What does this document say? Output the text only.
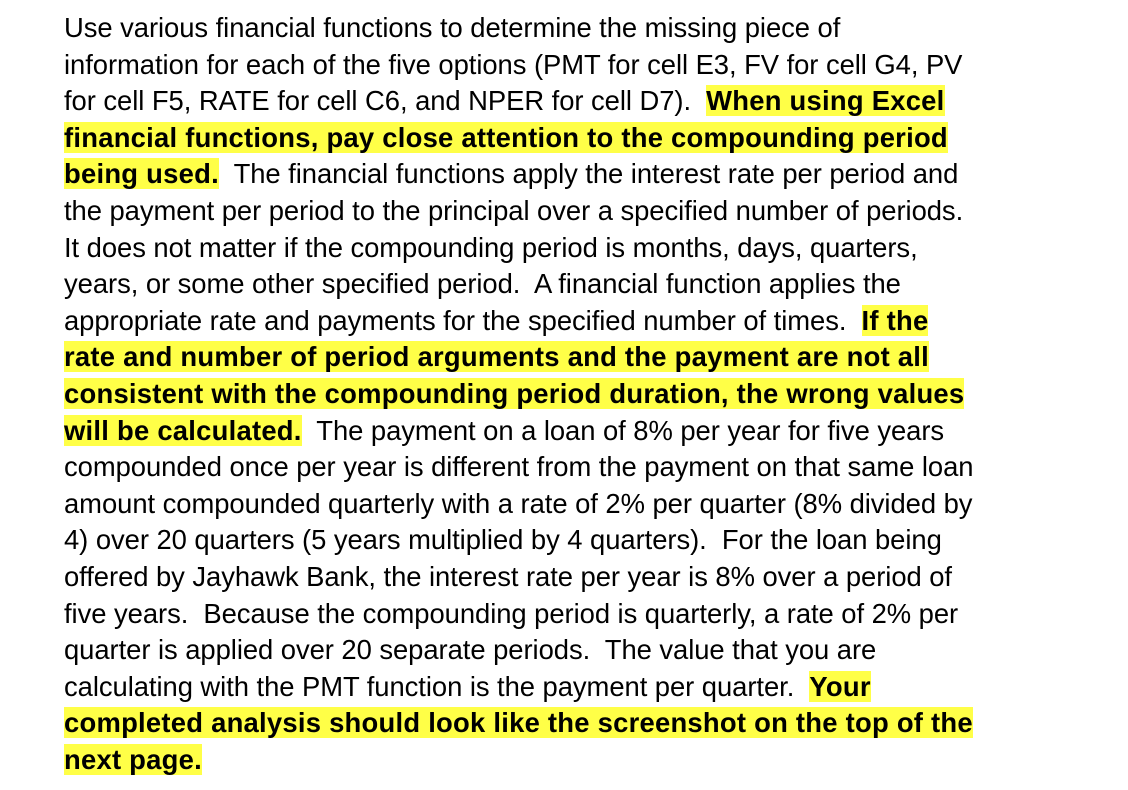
Use various financial functions to determine the missing piece of
information for each of the five options (PMT for cell E3, FV for cell G4, PV
for cell F5, RATE for cell C6, and NPER for cell D7).  When using Excel
financial functions, pay close attention to the compounding period
being used.  The financial functions apply the interest rate per period and
the payment per period to the principal over a specified number of periods.
It does not matter if the compounding period is months, days, quarters,
years, or some other specified period.  A financial function applies the
appropriate rate and payments for the specified number of times.  If the
rate and number of period arguments and the payment are not all
consistent with the compounding period duration, the wrong values
will be calculated.  The payment on a loan of 8% per year for five years
compounded once per year is different from the payment on that same loan
amount compounded quarterly with a rate of 2% per quarter (8% divided by
4) over 20 quarters (5 years multiplied by 4 quarters).  For the loan being
offered by Jayhawk Bank, the interest rate per year is 8% over a period of
five years.  Because the compounding period is quarterly, a rate of 2% per
quarter is applied over 20 separate periods.  The value that you are
calculating with the PMT function is the payment per quarter.  Your
completed analysis should look like the screenshot on the top of the
next page.
